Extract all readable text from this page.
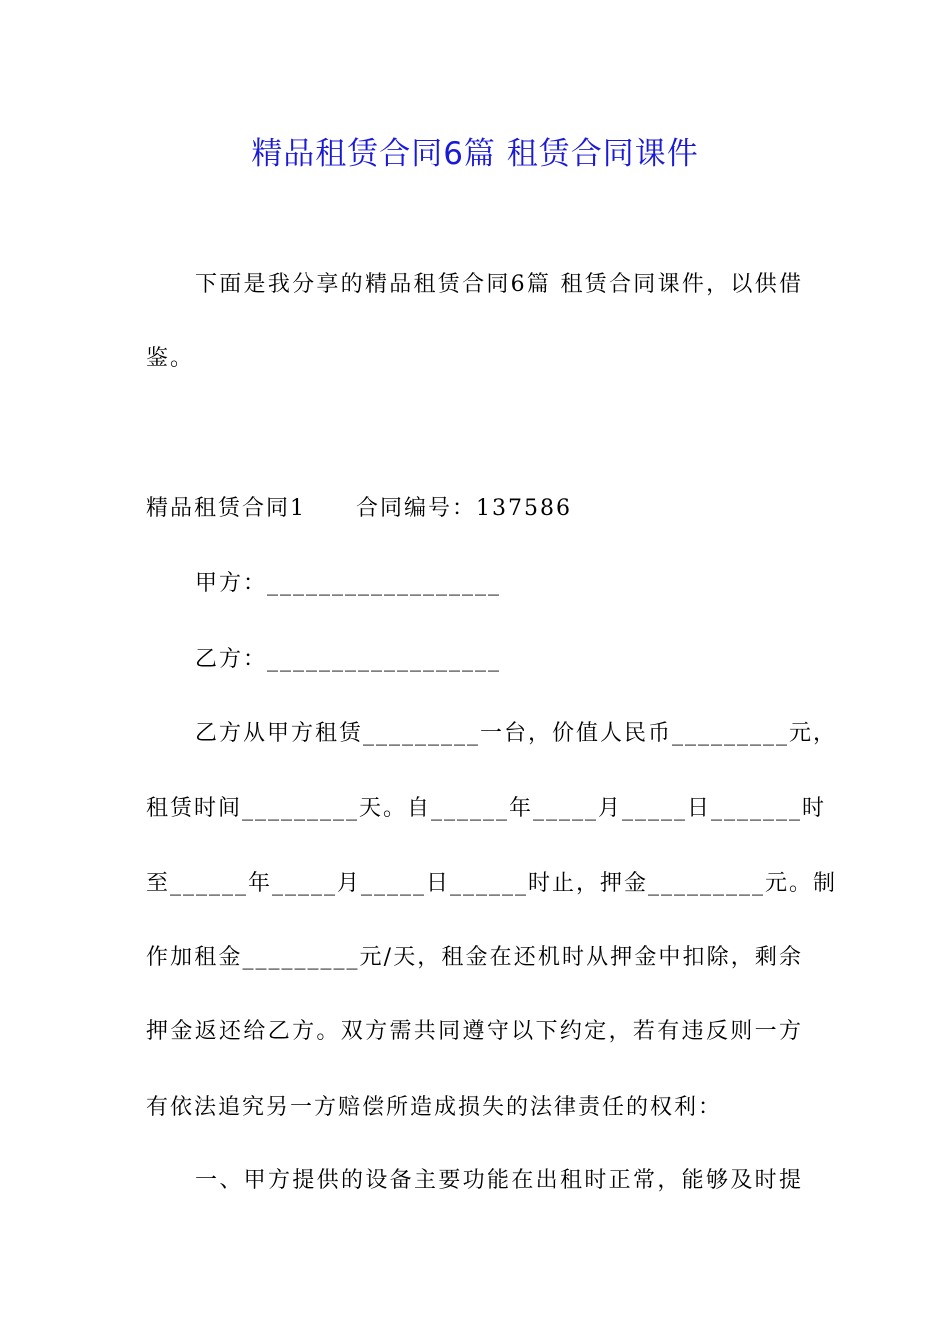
精品租赁合同6篇 租赁合同课件
下面是我分享的精品租赁合同6篇 租赁合同课件，以供借
鉴。
精品租赁合同1 合同编号：137586
甲方：__________________
乙方：__________________
乙方从甲方租赁_________一台，价值人民币_________元，
租赁时间_________天。自______年_____月_____日_______时
至______年_____月_____日______时止，押金_________元。制
作加租金_________元/天，租金在还机时从押金中扣除，剩余
押金返还给乙方。双方需共同遵守以下约定，若有违反则一方
有依法追究另一方赔偿所造成损失的法律责任的权利：
一、甲方提供的设备主要功能在出租时正常，能够及时提
